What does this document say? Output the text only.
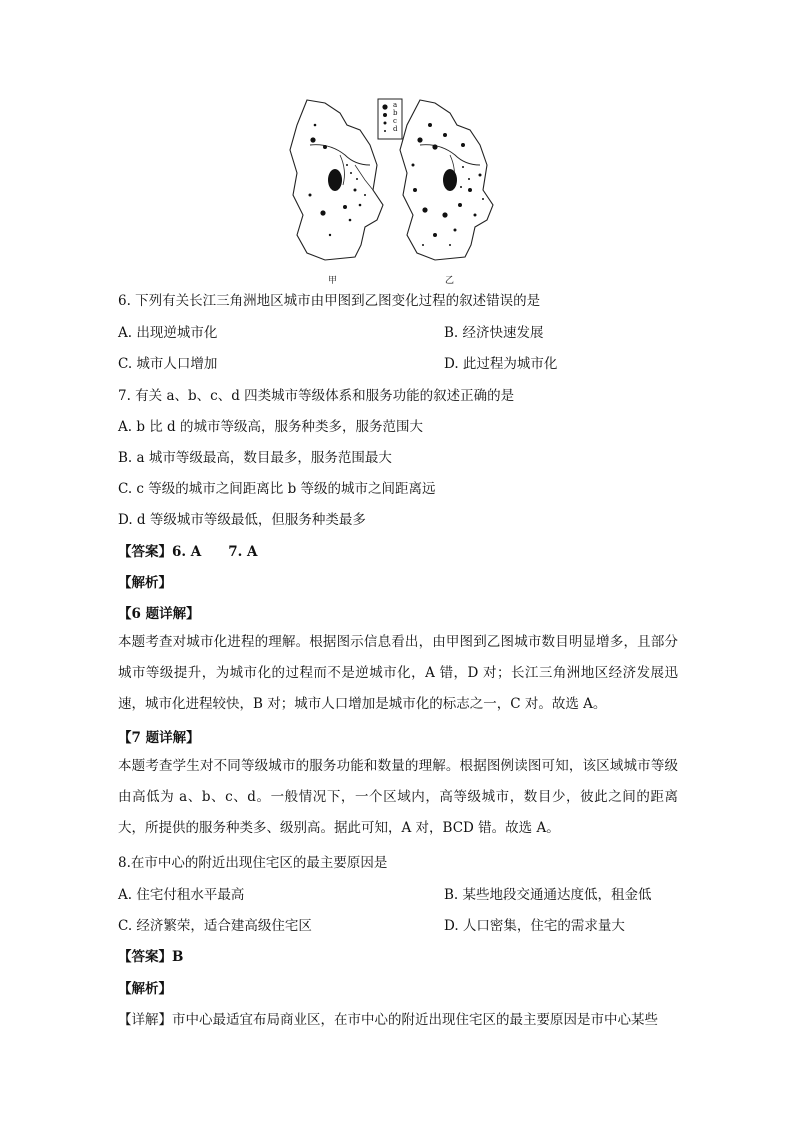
a
b
c
d
甲	乙
6. 下列有关长江三角洲地区城市由甲图到乙图变化过程的叙述错误的是
A. 出现逆城市化	B. 经济快速发展
C. 城市人口增加	D. 此过程为城市化
7. 有关 a、b、c、d 四类城市等级体系和服务功能的叙述正确的是
A. b 比 d 的城市等级高，服务种类多，服务范围大
B. a 城市等级最高，数目最多，服务范围最大
C. c 等级的城市之间距离比 b 等级的城市之间距离远
D. d 等级城市等级最低，但服务种类最多
【答案】6. A　　7. A
【解析】
【6 题详解】
本题考查对城市化进程的理解。根据图示信息看出，由甲图到乙图城市数目明显增多，且部分城市等级提升，为城市化的过程而不是逆城市化，A 错，D 对；长江三角洲地区经济发展迅速，城市化进程较快，B 对；城市人口增加是城市化的标志之一，C 对。故选 A。
【7 题详解】
本题考查学生对不同等级城市的服务功能和数量的理解。根据图例读图可知，该区域城市等级由高低为 a、b、c、d。一般情况下，一个区域内，高等级城市，数目少，彼此之间的距离大，所提供的服务种类多、级别高。据此可知，A 对，BCD 错。故选 A。
8.在市中心的附近出现住宅区的最主要原因是
A. 住宅付租水平最高	B. 某些地段交通通达度低，租金低
C. 经济繁荣，适合建高级住宅区	D. 人口密集，住宅的需求量大
【答案】B
【解析】
【详解】市中心最适宜布局商业区，在市中心的附近出现住宅区的最主要原因是市中心某些
